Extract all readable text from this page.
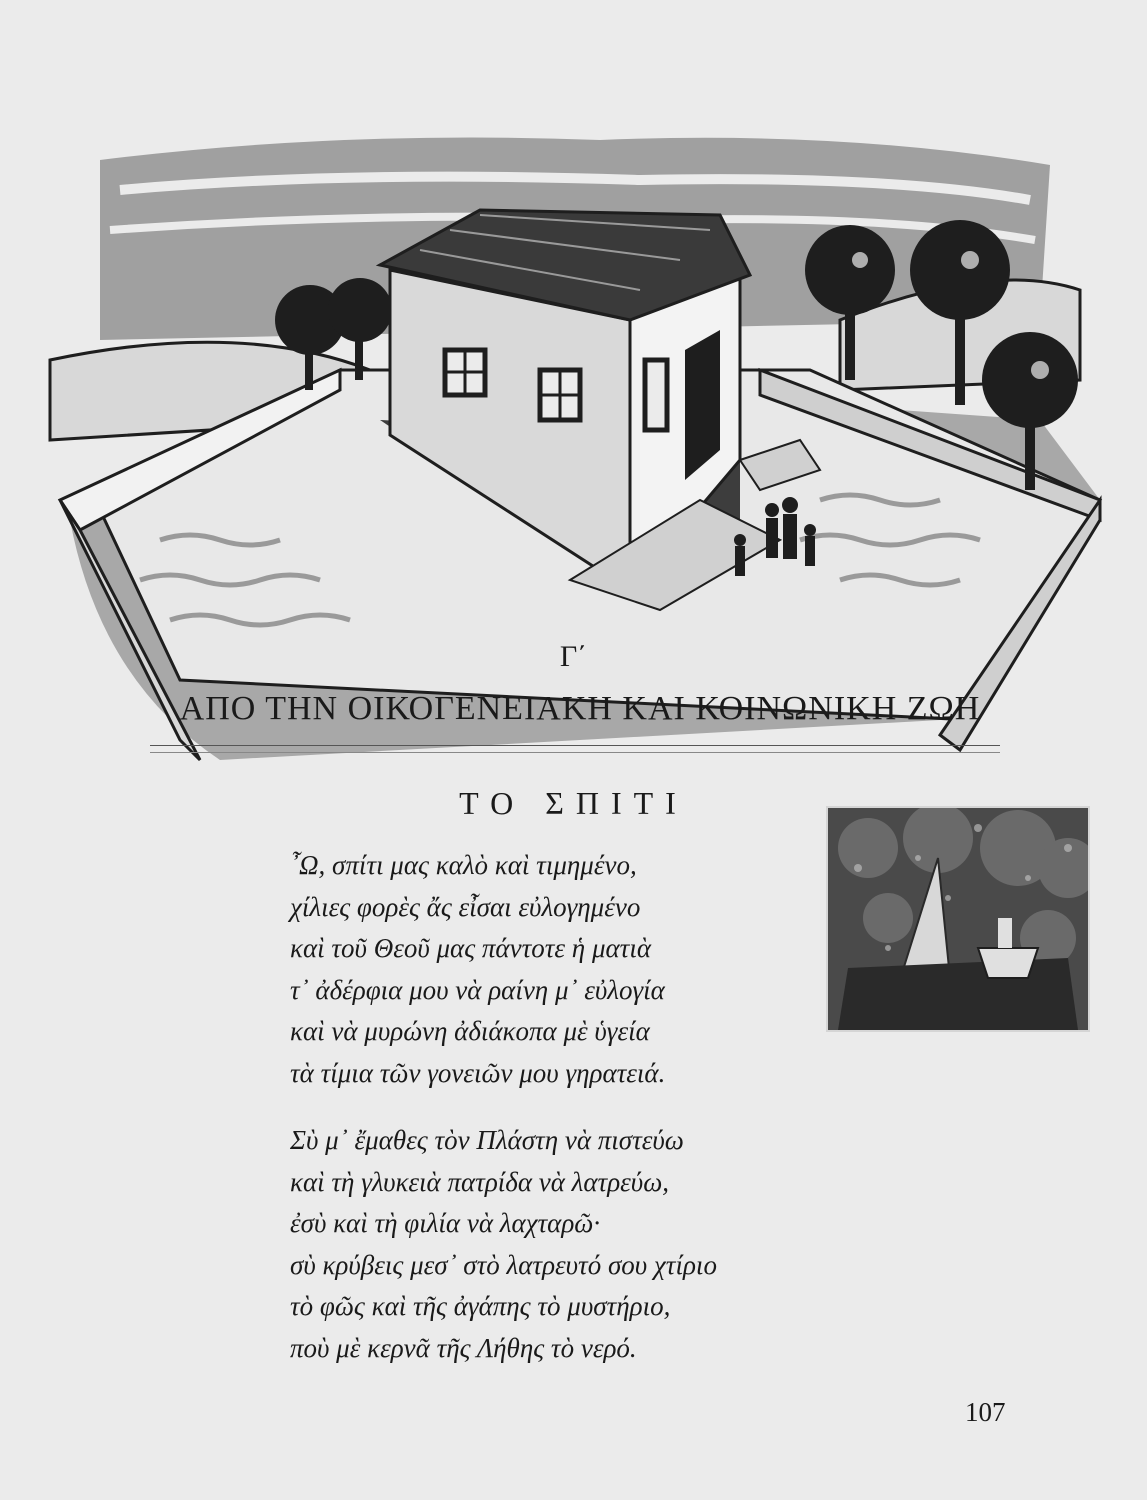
Γ΄
ΑΠΟ ΤΗΝ ΟΙΚΟΓΕΝΕΙΑΚΗ ΚΑΙ ΚΟΙΝΩΝΙΚΗ ΖΩΗ
ΤΟ ΣΠΙΤΙ
῏Ω, σπίτι μας καλὸ καὶ τιμημένο,
χίλιες φορὲς ἄς εἶσαι εὐλογημένο
καὶ τοῦ Θεοῦ μας πάντοτε ἡ ματιὰ
τ᾽ ἀδέρφια μου νὰ ραίνη μ᾽ εὐλογία
καὶ νὰ μυρώνη ἀδιάκοπα μὲ ὑγεία
τὰ τίμια τῶν γονειῶν μου γηρατειά.
Σὺ μ᾽ ἔμαθες τὸν Πλάστη νὰ πιστεύω
καὶ τὴ γλυκειὰ πατρίδα νὰ λατρεύω,
ἐσὺ καὶ τὴ φιλία νὰ λαχταρῶ·
σὺ κρύβεις μεσ᾽ στὸ λατρευτό σου χτίριο
τὸ φῶς καὶ τῆς ἀγάπης τὸ μυστήριο,
ποὺ μὲ κερνᾶ τῆς Λήθης τὸ νερό.
107
